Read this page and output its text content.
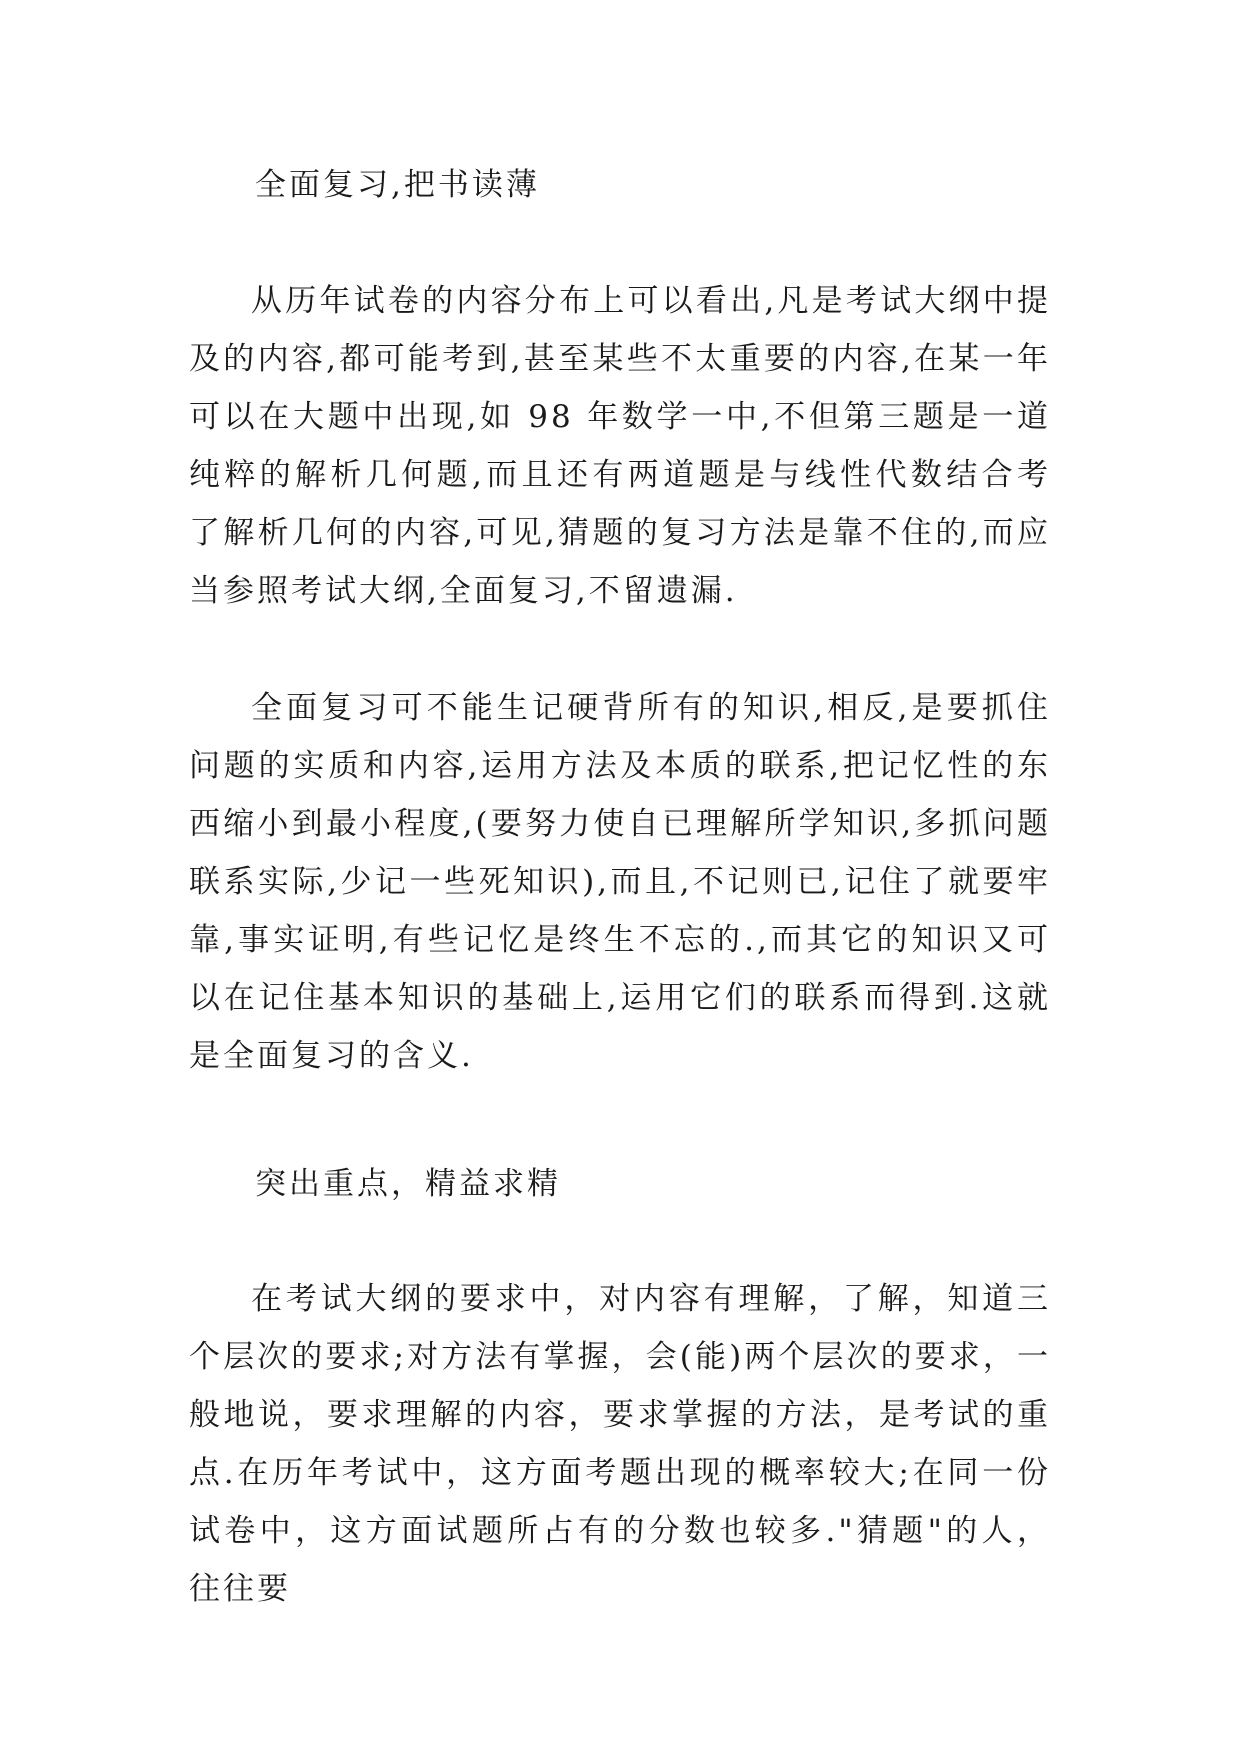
全面复习,把书读薄

从历年试卷的内容分布上可以看出,凡是考试大纲中提及的内容,都可能考到,甚至某些不太重要的内容,在某一年可以在大题中出现,如 98 年数学一中,不但第三题是一道纯粹的解析几何题,而且还有两道题是与线性代数结合考了解析几何的内容,可见,猜题的复习方法是靠不住的,而应当参照考试大纲,全面复习,不留遗漏.

全面复习可不能生记硬背所有的知识,相反,是要抓住问题的实质和内容,运用方法及本质的联系,把记忆性的东西缩小到最小程度,(要努力使自已理解所学知识,多抓问题联系实际,少记一些死知识),而且,不记则已,记住了就要牢靠,事实证明,有些记忆是终生不忘的.,而其它的知识又可以在记住基本知识的基础上,运用它们的联系而得到.这就是全面复习的含义.

突出重点，精益求精

在考试大纲的要求中，对内容有理解，了解，知道三个层次的要求;对方法有掌握，会(能)两个层次的要求，一般地说，要求理解的内容，要求掌握的方法，是考试的重点.在历年考试中，这方面考题出现的概率较大;在同一份试卷中，这方面试题所占有的分数也较多."猜题"的人，往往要
